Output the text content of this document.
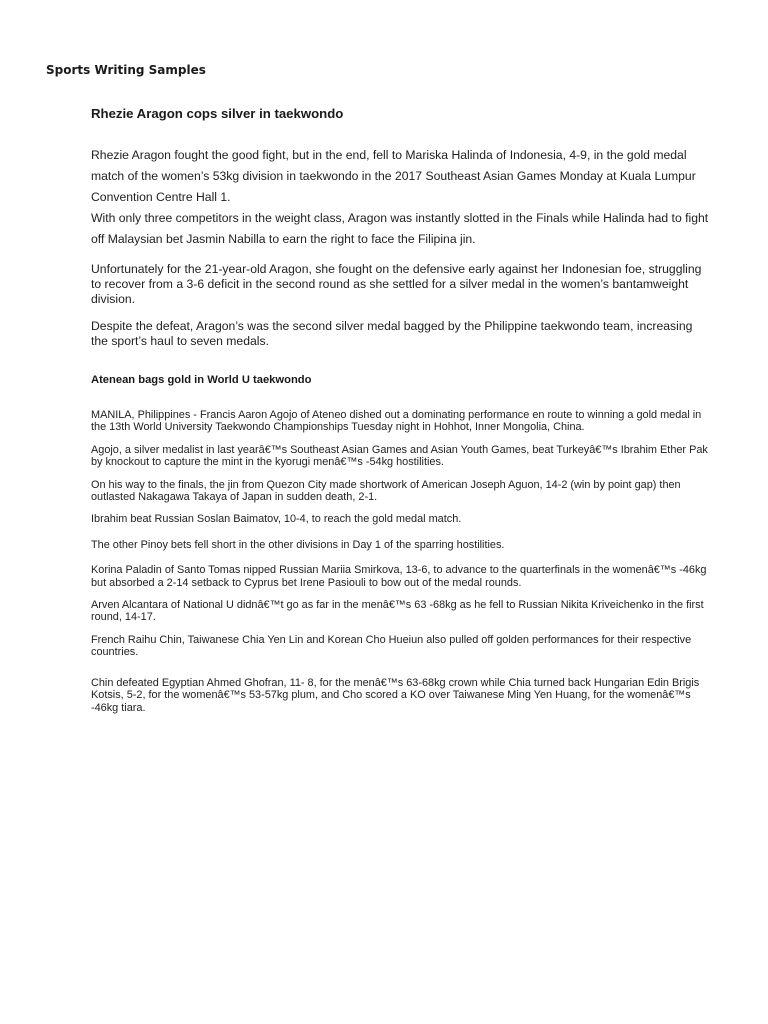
Sports Writing Samples
Rhezie Aragon cops silver in taekwondo

Rhezie Aragon fought the good fight, but in the end, fell to Mariska Halinda of Indonesia, 4-9, in the gold medal match of the women’s 53kg division in taekwondo in the 2017 Southeast Asian Games Monday at Kuala Lumpur Convention Centre Hall 1.

With only three competitors in the weight class, Aragon was instantly slotted in the Finals while Halinda had to fight off Malaysian bet Jasmin Nabilla to earn the right to face the Filipina jin.

Unfortunately for the 21-year-old Aragon, she fought on the defensive early against her Indonesian foe, struggling to recover from a 3-6 deficit in the second round as she settled for a silver medal in the women’s bantamweight division.

Despite the defeat, Aragon’s was the second silver medal bagged by the Philippine taekwondo team, increasing the sport’s haul to seven medals.

Atenean bags gold in World U taekwondo

MANILA, Philippines - Francis Aaron Agojo of Ateneo dished out a dominating performance en route to winning a gold medal in the 13th World University Taekwondo Championships Tuesday night in Hohhot, Inner Mongolia, China.

Agojo, a silver medalist in last yearâ€™s Southeast Asian Games and Asian Youth Games, beat Turkeyâ€™s Ibrahim Ether Pak by knockout to capture the mint in the kyorugi menâ€™s -54kg hostilities.

On his way to the finals, the jin from Quezon City made shortwork of American Joseph Aguon, 14-2 (win by point gap) then outlasted Nakagawa Takaya of Japan in sudden death, 2-1.

Ibrahim beat Russian Soslan Baimatov, 10-4, to reach the gold medal match.

The other Pinoy bets fell short in the other divisions in Day 1 of the sparring hostilities.

Korina Paladin of Santo Tomas nipped Russian Mariia Smirkova, 13-6, to advance to the quarterfinals in the womenâ€™s -46kg but absorbed a 2-14 setback to Cyprus bet Irene Pasiouli to bow out of the medal rounds.

Arven Alcantara of National U didnâ€™t go as far in the menâ€™s 63 -68kg as he fell to Russian Nikita Kriveichenko in the first round, 14-17.

French Raihu Chin, Taiwanese Chia Yen Lin and Korean Cho Hueiun also pulled off golden performances for their respective countries.

Chin defeated Egyptian Ahmed Ghofran, 11- 8, for the menâ€™s 63-68kg crown while Chia turned back Hungarian Edin Brigis Kotsis, 5-2, for the womenâ€™s 53-57kg plum, and Cho scored a KO over Taiwanese Ming Yen Huang, for the womenâ€™s -46kg tiara.
